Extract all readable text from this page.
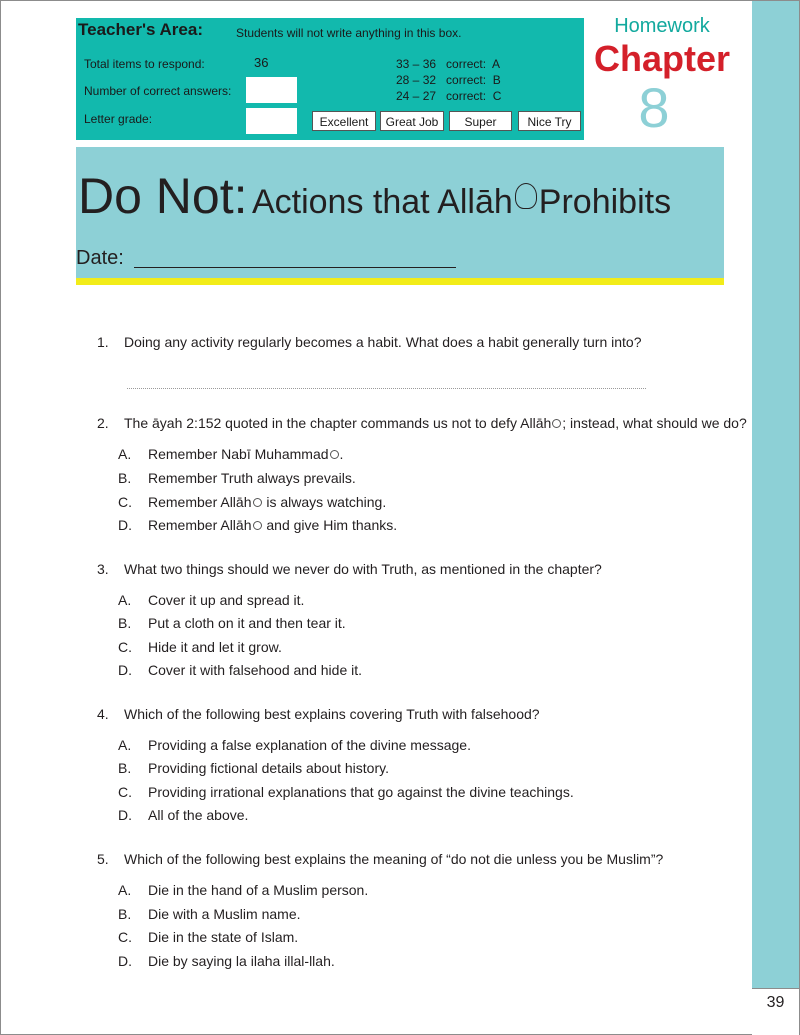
39
Teacher's Area:	Students will not write anything in this box.
Total items to respond:	36
Number of correct answers:
Letter grade:
33 – 36   correct:  A
28 – 32   correct:  B
24 – 27   correct:  C
Excellent	Great Job	Super	Nice Try
Homework
Chapter
8
Do Not: Actions that Allāh Prohibits
Date:
1. Doing any activity regularly becomes a habit. What does a habit generally turn into?
2. The āyah 2:152 quoted in the chapter commands us not to defy Allāh ; instead, what should we do?
A. Remember Nabī Muhammad .
B. Remember Truth always prevails.
C. Remember Allāh is always watching.
D. Remember Allāh and give Him thanks.
3. What two things should we never do with Truth, as mentioned in the chapter?
A. Cover it up and spread it.
B. Put a cloth on it and then tear it.
C. Hide it and let it grow.
D. Cover it with falsehood and hide it.
4. Which of the following best explains covering Truth with falsehood?
A. Providing a false explanation of the divine message.
B. Providing fictional details about history.
C. Providing irrational explanations that go against the divine teachings.
D. All of the above.
5. Which of the following best explains the meaning of “do not die unless you be Muslim”?
A. Die in the hand of a Muslim person.
B. Die with a Muslim name.
C. Die in the state of Islam.
D. Die by saying la ilaha illal-llah.
